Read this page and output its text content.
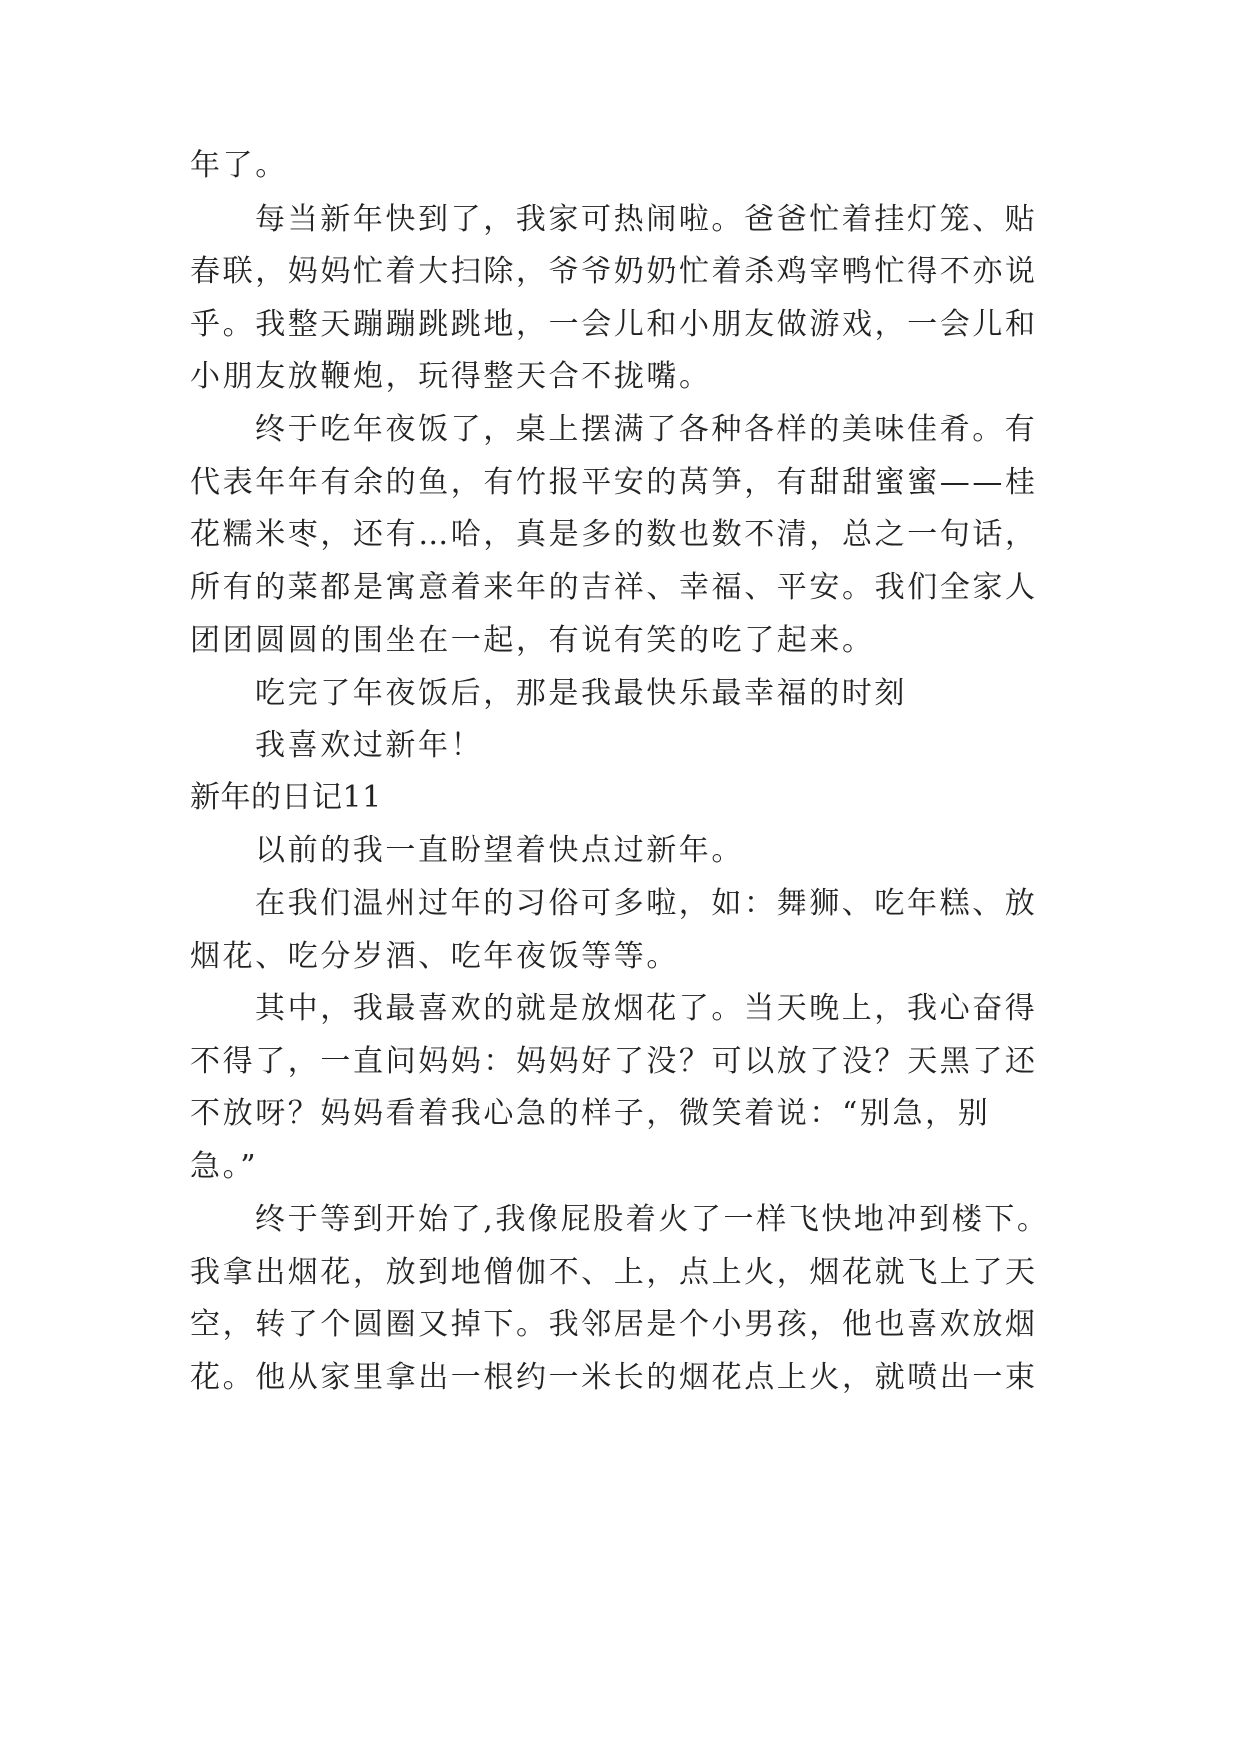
年了。

每当新年快到了，我家可热闹啦。爸爸忙着挂灯笼、贴

春联，妈妈忙着大扫除，爷爷奶奶忙着杀鸡宰鸭忙得不亦说

乎。我整天蹦蹦跳跳地，一会儿和小朋友做游戏，一会儿和

小朋友放鞭炮，玩得整天合不拢嘴。

终于吃年夜饭了，桌上摆满了各种各样的美味佳肴。有

代表年年有余的鱼，有竹报平安的莴笋，有甜甜蜜蜜——桂

花糯米枣，还有…哈，真是多的数也数不清，总之一句话，

所有的菜都是寓意着来年的吉祥、幸福、平安。我们全家人

团团圆圆的围坐在一起，有说有笑的吃了起来。

吃完了年夜饭后，那是我最快乐最幸福的时刻

我喜欢过新年！

新年的日记11

以前的我一直盼望着快点过新年。

在我们温州过年的习俗可多啦，如：舞狮、吃年糕、放

烟花、吃分岁酒、吃年夜饭等等。

其中，我最喜欢的就是放烟花了。当天晚上，我心奋得

不得了，一直问妈妈：妈妈好了没？可以放了没？天黑了还

不放呀？妈妈看着我心急的样子，微笑着说：“别急，别

急。”

终于等到开始了,我像屁股着火了一样飞快地冲到楼下。

我拿出烟花，放到地僧伽不、上，点上火，烟花就飞上了天

空，转了个圆圈又掉下。我邻居是个小男孩，他也喜欢放烟

花。他从家里拿出一根约一米长的烟花点上火，就喷出一束
